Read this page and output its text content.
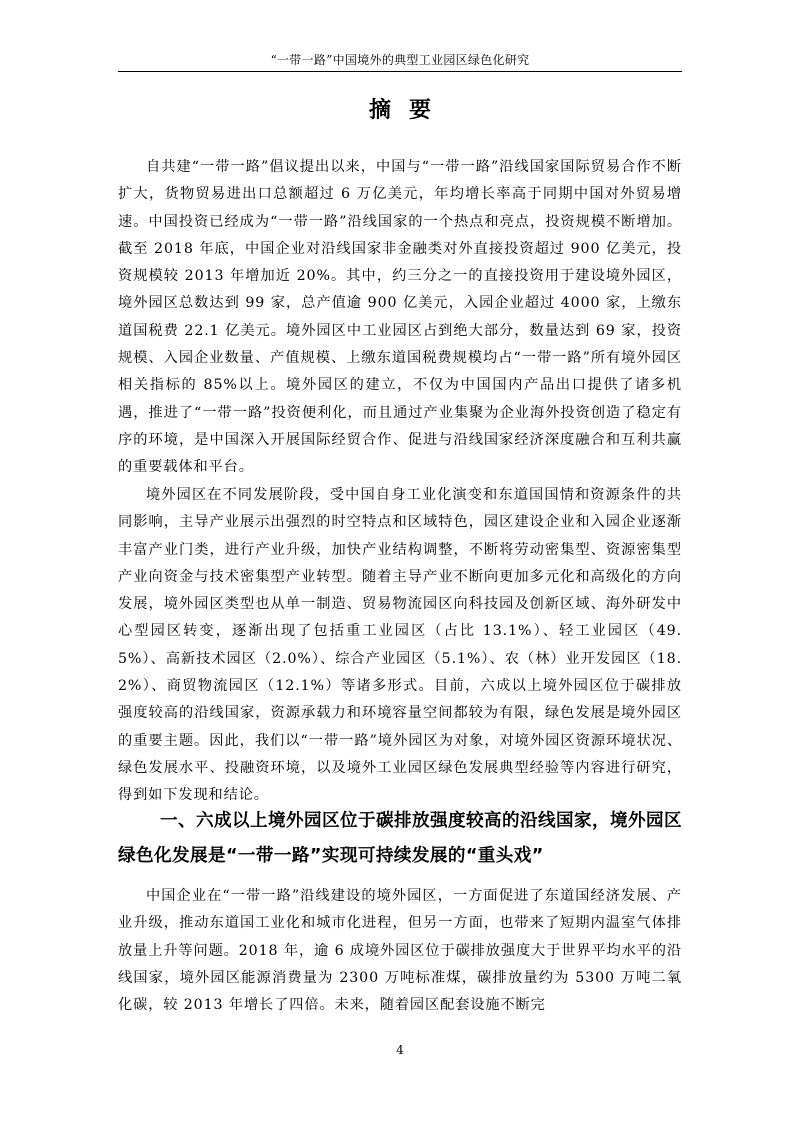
“一带一路”中国境外的典型工业园区绿色化研究
摘要

自共建“一带一路”倡议提出以来，中国与“一带一路”沿线国家国际贸易合作不断扩大，货物贸易进出口总额超过 6 万亿美元，年均增长率高于同期中国对外贸易增速。中国投资已经成为“一带一路”沿线国家的一个热点和亮点，投资规模不断增加。截至 2018 年底，中国企业对沿线国家非金融类对外直接投资超过 900 亿美元，投资规模较 2013 年增加近 20%。其中，约三分之一的直接投资用于建设境外园区，境外园区总数达到 99 家，总产值逾 900 亿美元，入园企业超过 4000 家，上缴东道国税费 22.1 亿美元。境外园区中工业园区占到绝大部分，数量达到 69 家，投资规模、入园企业数量、产值规模、上缴东道国税费规模均占“一带一路”所有境外园区相关指标的 85%以上。境外园区的建立，不仅为中国国内产品出口提供了诸多机遇，推进了“一带一路”投资便利化，而且通过产业集聚为企业海外投资创造了稳定有序的环境，是中国深入开展国际经贸合作、促进与沿线国家经济深度融合和互利共赢的重要载体和平台。

境外园区在不同发展阶段，受中国自身工业化演变和东道国国情和资源条件的共同影响，主导产业展示出强烈的时空特点和区域特色，园区建设企业和入园企业逐渐丰富产业门类，进行产业升级，加快产业结构调整，不断将劳动密集型、资源密集型产业向资金与技术密集型产业转型。随着主导产业不断向更加多元化和高级化的方向发展，境外园区类型也从单一制造、贸易物流园区向科技园及创新区域、海外研发中心型园区转变，逐渐出现了包括重工业园区（占比 13.1%）、轻工业园区（49.5%）、高新技术园区（2.0%）、综合产业园区（5.1%）、农（林）业开发园区（18.2%）、商贸物流园区（12.1%）等诸多形式。目前，六成以上境外园区位于碳排放强度较高的沿线国家，资源承载力和环境容量空间都较为有限，绿色发展是境外园区的重要主题。因此，我们以“一带一路”境外园区为对象，对境外园区资源环境状况、绿色发展水平、投融资环境，以及境外工业园区绿色发展典型经验等内容进行研究，得到如下发现和结论。

一、六成以上境外园区位于碳排放强度较高的沿线国家，境外园区绿色化发展是“一带一路”实现可持续发展的“重头戏”

中国企业在“一带一路”沿线建设的境外园区，一方面促进了东道国经济发展、产业升级，推动东道国工业化和城市化进程，但另一方面，也带来了短期内温室气体排放量上升等问题。2018 年，逾 6 成境外园区位于碳排放强度大于世界平均水平的沿线国家，境外园区能源消费量为 2300 万吨标准煤，碳排放量约为 5300 万吨二氧化碳，较 2013 年增长了四倍。未来，随着园区配套设施不断完

4
